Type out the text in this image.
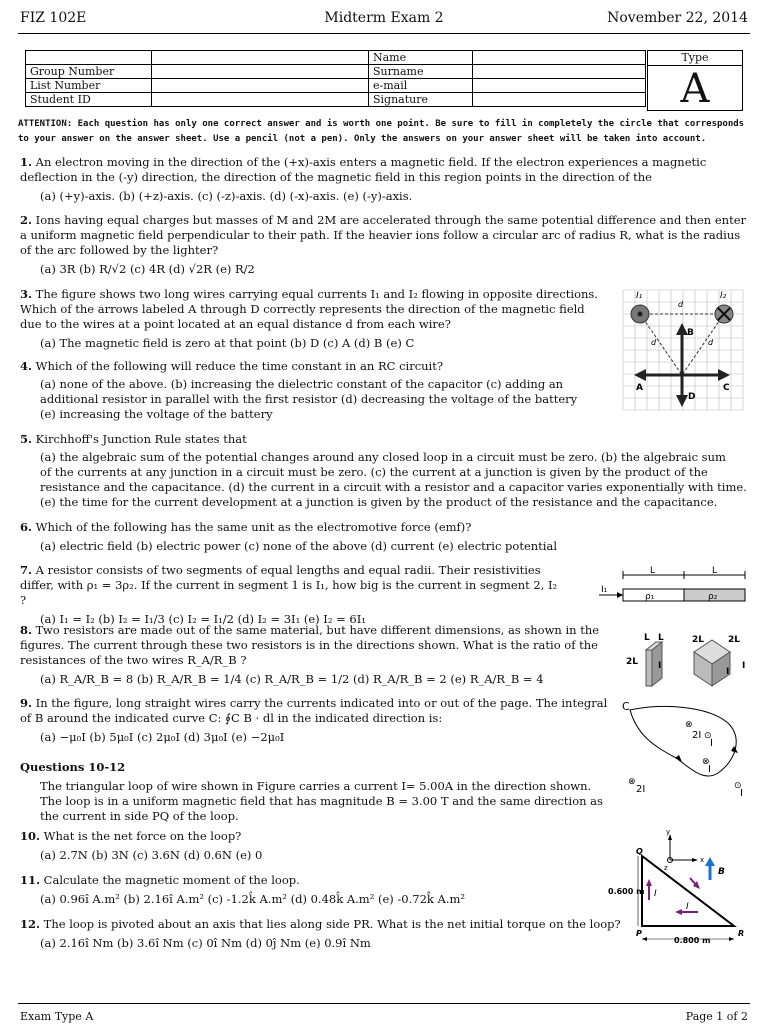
FIZ 102E	Midterm Exam 2	November 22, 2014
		Name	
Group Number		Surname	
List Number		e-mail	
Student ID		Signature	
Type
A
ATTENTION: Each question has only one correct answer and is worth one point. Be sure to fill in completely the circle that corresponds to your answer on the answer sheet. Use a pencil (not a pen). Only the answers on your answer sheet will be taken into account.

1. An electron moving in the direction of the (+x)-axis enters a magnetic field. If the electron experiences a magnetic deflection in the (-y) direction, the direction of the magnetic field in this region points in the direction of the

(a) (+y)-axis. (b) (+z)-axis. (c) (-z)-axis. (d) (-x)-axis. (e) (-y)-axis.

2. Ions having equal charges but masses of M and 2M are accelerated through the same potential difference and then enter a uniform magnetic field perpendicular to their path. If the heavier ions follow a circular arc of radius R, what is the radius of the arc followed by the lighter?

(a) 3R (b) R/√2 (c) 4R (d) √2R (e) R/2

3. The figure shows two long wires carrying equal currents I₁ and I₂ flowing in opposite directions. Which of the arrows labeled A through D correctly represents the direction of the magnetic field due to the wires at a point located at an equal distance d from each wire?

(a) The magnetic field is zero at that point (b) D (c) A (d) B (e) C
I₁	I₂
d
d	d
B
A	C
D

4. Which of the following will reduce the time constant in an RC circuit?

(a) none of the above. (b) increasing the dielectric constant of the capacitor (c) adding an
additional resistor in parallel with the first resistor (d) decreasing the voltage of the battery
(e) increasing the voltage of the battery

5. Kirchhoff's Junction Rule states that

(a) the algebraic sum of the potential changes around any closed loop in a circuit must be zero. (b) the algebraic sum
of the currents at any junction in a circuit must be zero. (c) the current at a junction is given by the product of the
resistance and the capacitance. (d) the current in a circuit with a resistor and a capacitor varies exponentially with time.
(e) the time for the current development at a junction is given by the product of the resistance and the capacitance.

6. Which of the following has the same unit as the electromotive force (emf)?

(a) electric field (b) electric power (c) none of the above (d) current (e) electric potential

7. A resistor consists of two segments of equal lengths and equal radii. Their resistivities differ, with ρ₁ = 3ρ₂. If the current in segment 1 is I₁, how big is the current in segment 2, I₂ ?

(a) I₁ = I₂ (b) I₂ = I₁/3 (c) I₂ = I₁/2 (d) I₂ = 3I₁ (e) I₂ = 6I₁
L	L
I₁
ρ₁	ρ₂

8. Two resistors are made out of the same material, but have different dimensions, as shown in the figures. The current through these two resistors is in the directions shown. What is the ratio of the resistances of the two wires R_A/R_B ?

(a) R_A/R_B = 8 (b) R_A/R_B = 1/4 (c) R_A/R_B = 1/2 (d) R_A/R_B = 2 (e) R_A/R_B = 4
L L
2L I
2L	2L
I
I

9. In the figure, long straight wires carry the currents indicated into or out of the page. The integral of B around the indicated curve C: ∮C B · dl in the indicated direction is:

(a) −μ₀I (b) 5μ₀I (c) 2μ₀I (d) 3μ₀I (e) −2μ₀I
C
⊗
2I ⊙
I
⊗
I
⊗
2I	⊙
I
Questions 10-12

The triangular loop of wire shown in Figure carries a current I= 5.00A in the direction shown. The loop is in a uniform magnetic field that has magnitude B = 3.00 T and the same direction as the current in side PQ of the loop.

10. What is the net force on the loop?

(a) 2.7N (b) 3N (c) 3.6N (d) 0.6N (e) 0

11. Calculate the magnetic moment of the loop.

(a) 0.96î A.m² (b) 2.16î A.m² (c) -1.2k̂ A.m² (d) 0.48k̂ A.m² (e) -0.72k̂ A.m²

12. The loop is pivoted about an axis that lies along side PR. What is the net initial torque on the loop?

(a) 2.16î Nm (b) 3.6î Nm (c) 0î Nm (d) 0ĵ Nm (e) 0.9î Nm
y
x
z	B
I
I
Q
P	R
0.600 m
0.800 m
Exam Type A	Page 1 of 2
